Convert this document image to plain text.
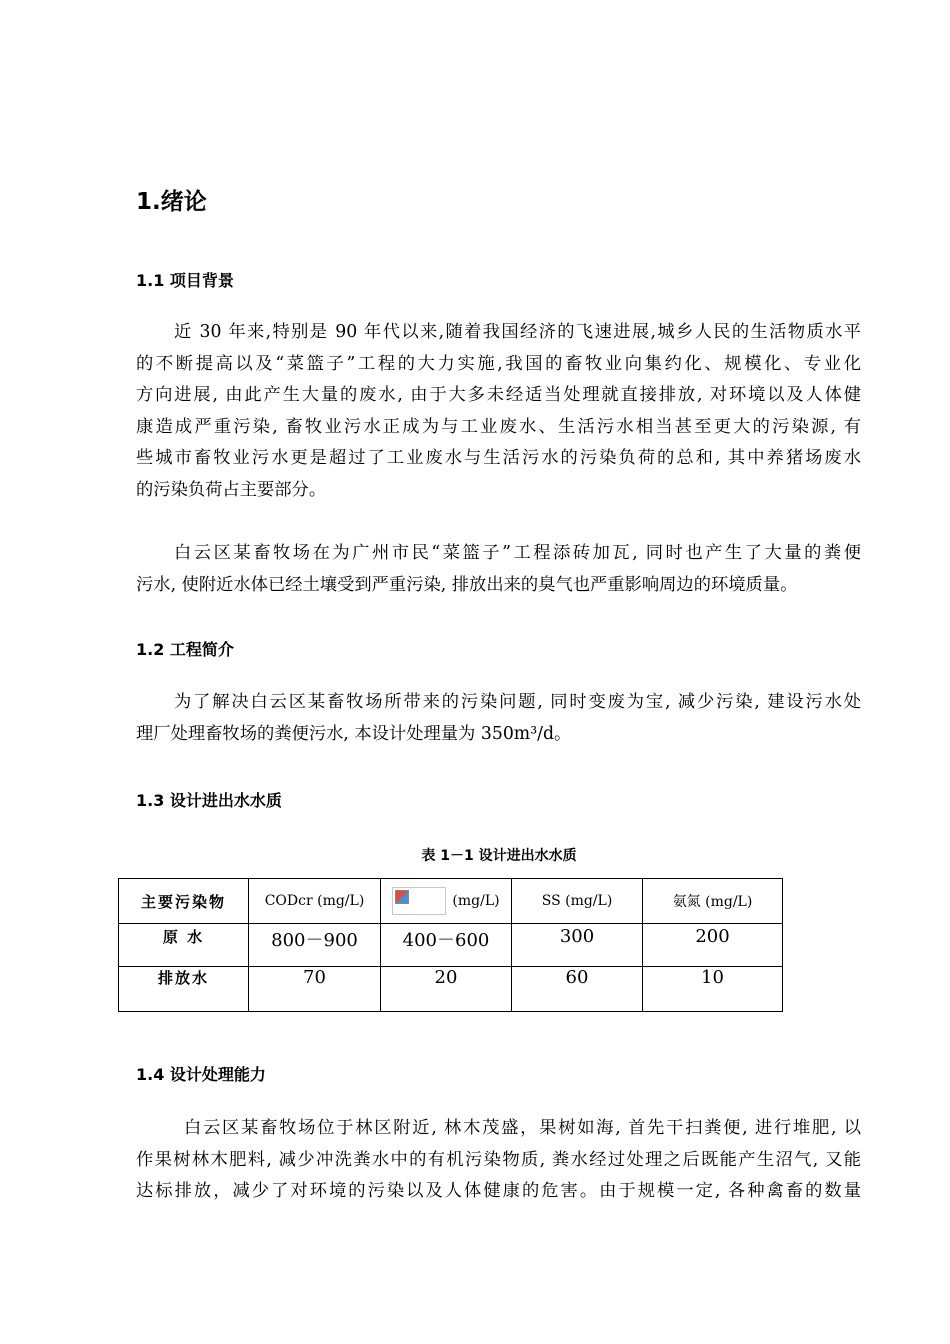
1.绪论
1.1 项目背景
近 30 年来,特别是 90 年代以来,随着我国经济的飞速进展,城乡人民的生活物质水平
的不断提高以及“菜篮子”工程的大力实施,我国的畜牧业向集约化、规模化、专业化
方向进展, 由此产生大量的废水, 由于大多未经适当处理就直接排放, 对环境以及人体健
康造成严重污染, 畜牧业污水正成为与工业废水、生活污水相当甚至更大的污染源, 有
些城市畜牧业污水更是超过了工业废水与生活污水的污染负荷的总和, 其中养猪场废水
的污染负荷占主要部分。
白云区某畜牧场在为广州市民“菜篮子”工程添砖加瓦, 同时也产生了大量的粪便
污水, 使附近水体已经土壤受到严重污染, 排放出来的臭气也严重影响周边的环境质量。
1.2 工程简介
为了解决白云区某畜牧场所带来的污染问题, 同时变废为宝, 减少污染, 建设污水处
理厂处理畜牧场的粪便污水, 本设计处理量为 350m³/d。
1.3 设计进出水水质
表 1－1 设计进出水水质
主要污染物	CODcr (mg/L)	(mg/L)	SS (mg/L)	氨氮 (mg/L)
原 水	800－900	400－600	300	200
排放水	70	20	60	10
1.4 设计处理能力
白云区某畜牧场位于林区附近, 林木茂盛，果树如海, 首先干扫粪便, 进行堆肥, 以
作果树林木肥料, 减少冲洗粪水中的有机污染物质, 粪水经过处理之后既能产生沼气, 又能
达标排放，减少了对环境的污染以及人体健康的危害。由于规模一定, 各种禽畜的数量
